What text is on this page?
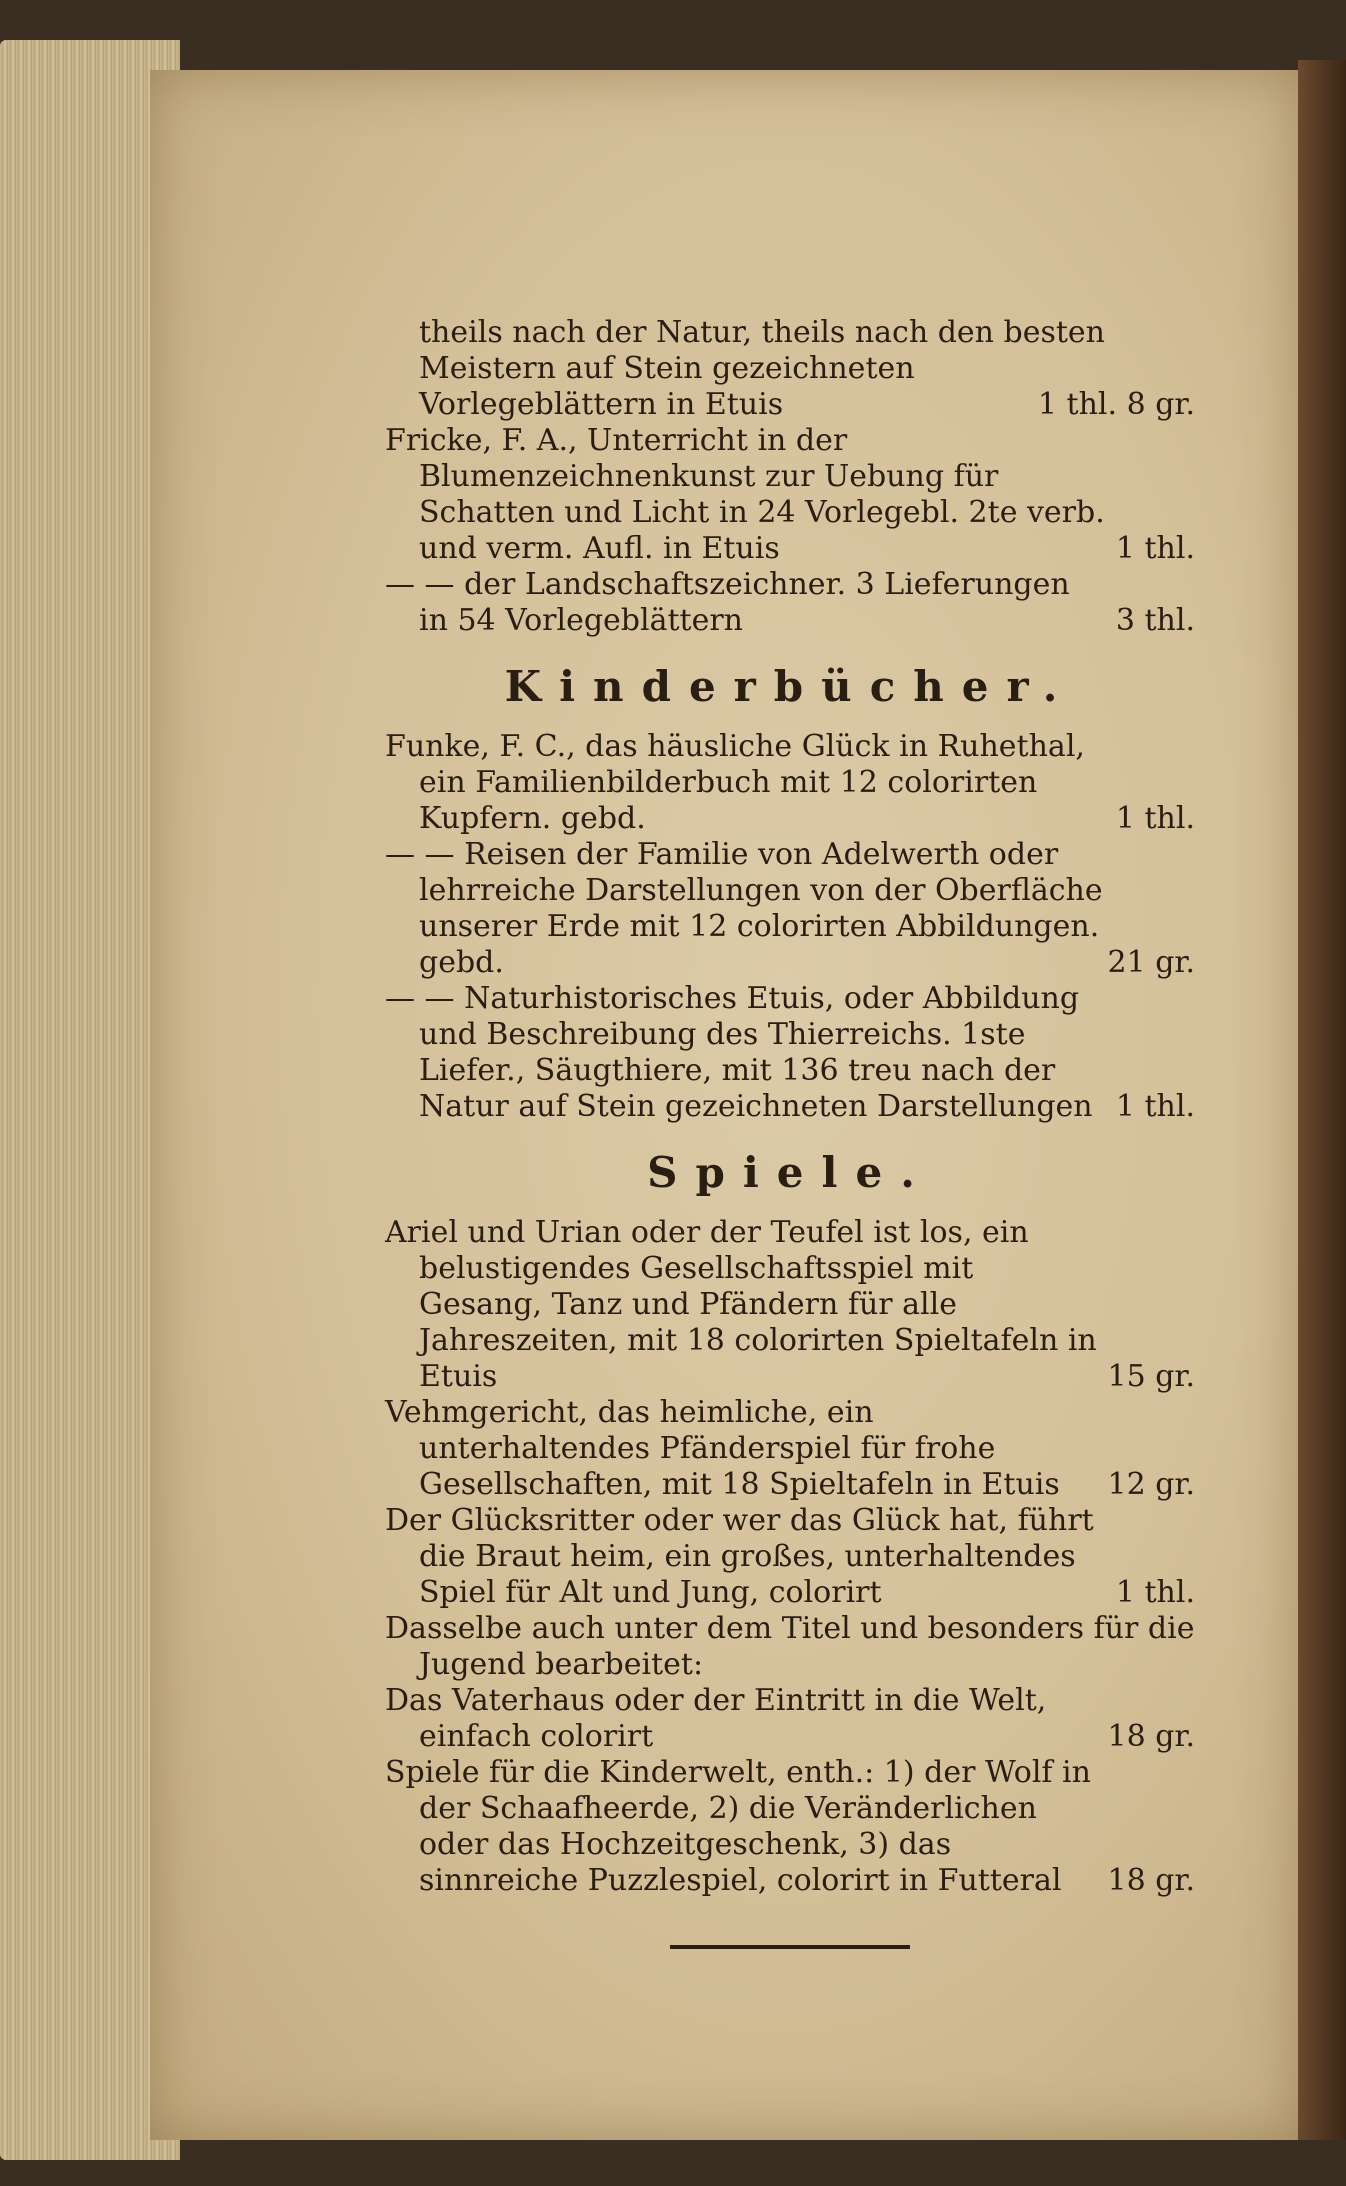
theils nach der Natur, theils nach den besten Meistern auf Stein gezeichneten Vorlegeblättern in Etuis	1 thl. 8 gr.

Fricke, F. A., Unterricht in der Blumenzeichnenkunst zur Uebung für Schatten und Licht in 24 Vorlegebl. 2te verb. und verm. Aufl. in Etuis	1 thl.

— — der Landschaftszeichner. 3 Lieferungen in 54 Vorlegeblättern	3 thl.

Kinderbücher.

Funke, F. C., das häusliche Glück in Ruhethal, ein Familienbilderbuch mit 12 colorirten Kupfern. gebd.	1 thl.

— — Reisen der Familie von Adelwerth oder lehrreiche Darstellungen von der Oberfläche unserer Erde mit 12 colorirten Abbildungen. gebd.	21 gr.

— — Naturhistorisches Etuis, oder Abbildung und Beschreibung des Thierreichs. 1ste Liefer., Säugthiere, mit 136 treu nach der Natur auf Stein gezeichneten Darstellungen 1 thl.

Spiele.

Ariel und Urian oder der Teufel ist los, ein belustigendes Gesellschaftsspiel mit Gesang, Tanz und Pfändern für alle Jahreszeiten, mit 18 colorirten Spieltafeln in Etuis	15 gr.

Vehmgericht, das heimliche, ein unterhaltendes Pfänderspiel für frohe Gesellschaften, mit 18 Spieltafeln in Etuis	12 gr.

Der Glücksritter oder wer das Glück hat, führt die Braut heim, ein großes, unterhaltendes Spiel für Alt und Jung, colorirt	1 thl.

Dasselbe auch unter dem Titel und besonders für die Jugend bearbeitet:

Das Vaterhaus oder der Eintritt in die Welt, einfach colorirt	18 gr.

Spiele für die Kinderwelt, enth.: 1) der Wolf in der Schaafheerde, 2) die Veränderlichen oder das Hochzeitgeschenk, 3) das sinnreiche Puzzlespiel, colorirt in Futteral	18 gr.
